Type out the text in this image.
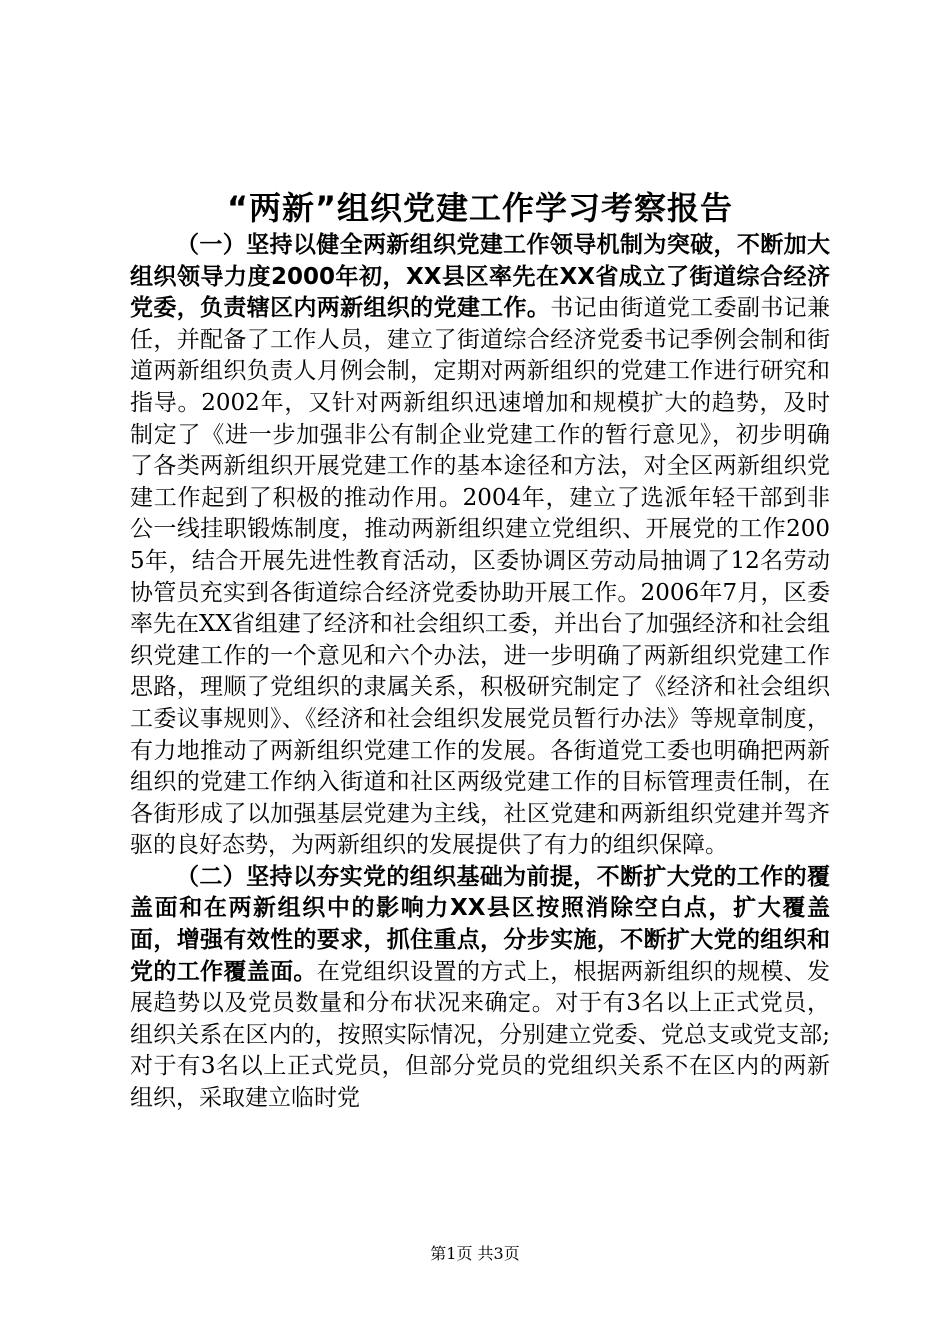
“两新”组织党建工作学习考察报告

（一）坚持以健全两新组织党建工作领导机制为突破，不断加大组织领导力度2000年初，XX县区率先在XX省成立了街道综合经济党委，负责辖区内两新组织的党建工作。书记由街道党工委副书记兼任，并配备了工作人员，建立了街道综合经济党委书记季例会制和街道两新组织负责人月例会制，定期对两新组织的党建工作进行研究和指导。2002年，又针对两新组织迅速增加和规模扩大的趋势，及时制定了《进一步加强非公有制企业党建工作的暂行意见》，初步明确了各类两新组织开展党建工作的基本途径和方法，对全区两新组织党建工作起到了积极的推动作用。2004年，建立了选派年轻干部到非公一线挂职锻炼制度，推动两新组织建立党组织、开展党的工作2005年，结合开展先进性教育活动，区委协调区劳动局抽调了12名劳动协管员充实到各街道综合经济党委协助开展工作。2006年7月，区委率先在XX省组建了经济和社会组织工委，并出台了加强经济和社会组织党建工作的一个意见和六个办法，进一步明确了两新组织党建工作思路，理顺了党组织的隶属关系，积极研究制定了《经济和社会组织工委议事规则》、《经济和社会组织发展党员暂行办法》等规章制度，有力地推动了两新组织党建工作的发展。各街道党工委也明确把两新组织的党建工作纳入街道和社区两级党建工作的目标管理责任制，在各街形成了以加强基层党建为主线，社区党建和两新组织党建并驾齐驱的良好态势，为两新组织的发展提供了有力的组织保障。

（二）坚持以夯实党的组织基础为前提，不断扩大党的工作的覆盖面和在两新组织中的影响力XX县区按照消除空白点，扩大覆盖面，增强有效性的要求，抓住重点，分步实施，不断扩大党的组织和党的工作覆盖面。在党组织设置的方式上，根据两新组织的规模、发展趋势以及党员数量和分布状况来确定。对于有3名以上正式党员，组织关系在区内的，按照实际情况，分别建立党委、党总支或党支部;对于有3名以上正式党员，但部分党员的党组织关系不在区内的两新组织，采取建立临时党

第1页 共3页
